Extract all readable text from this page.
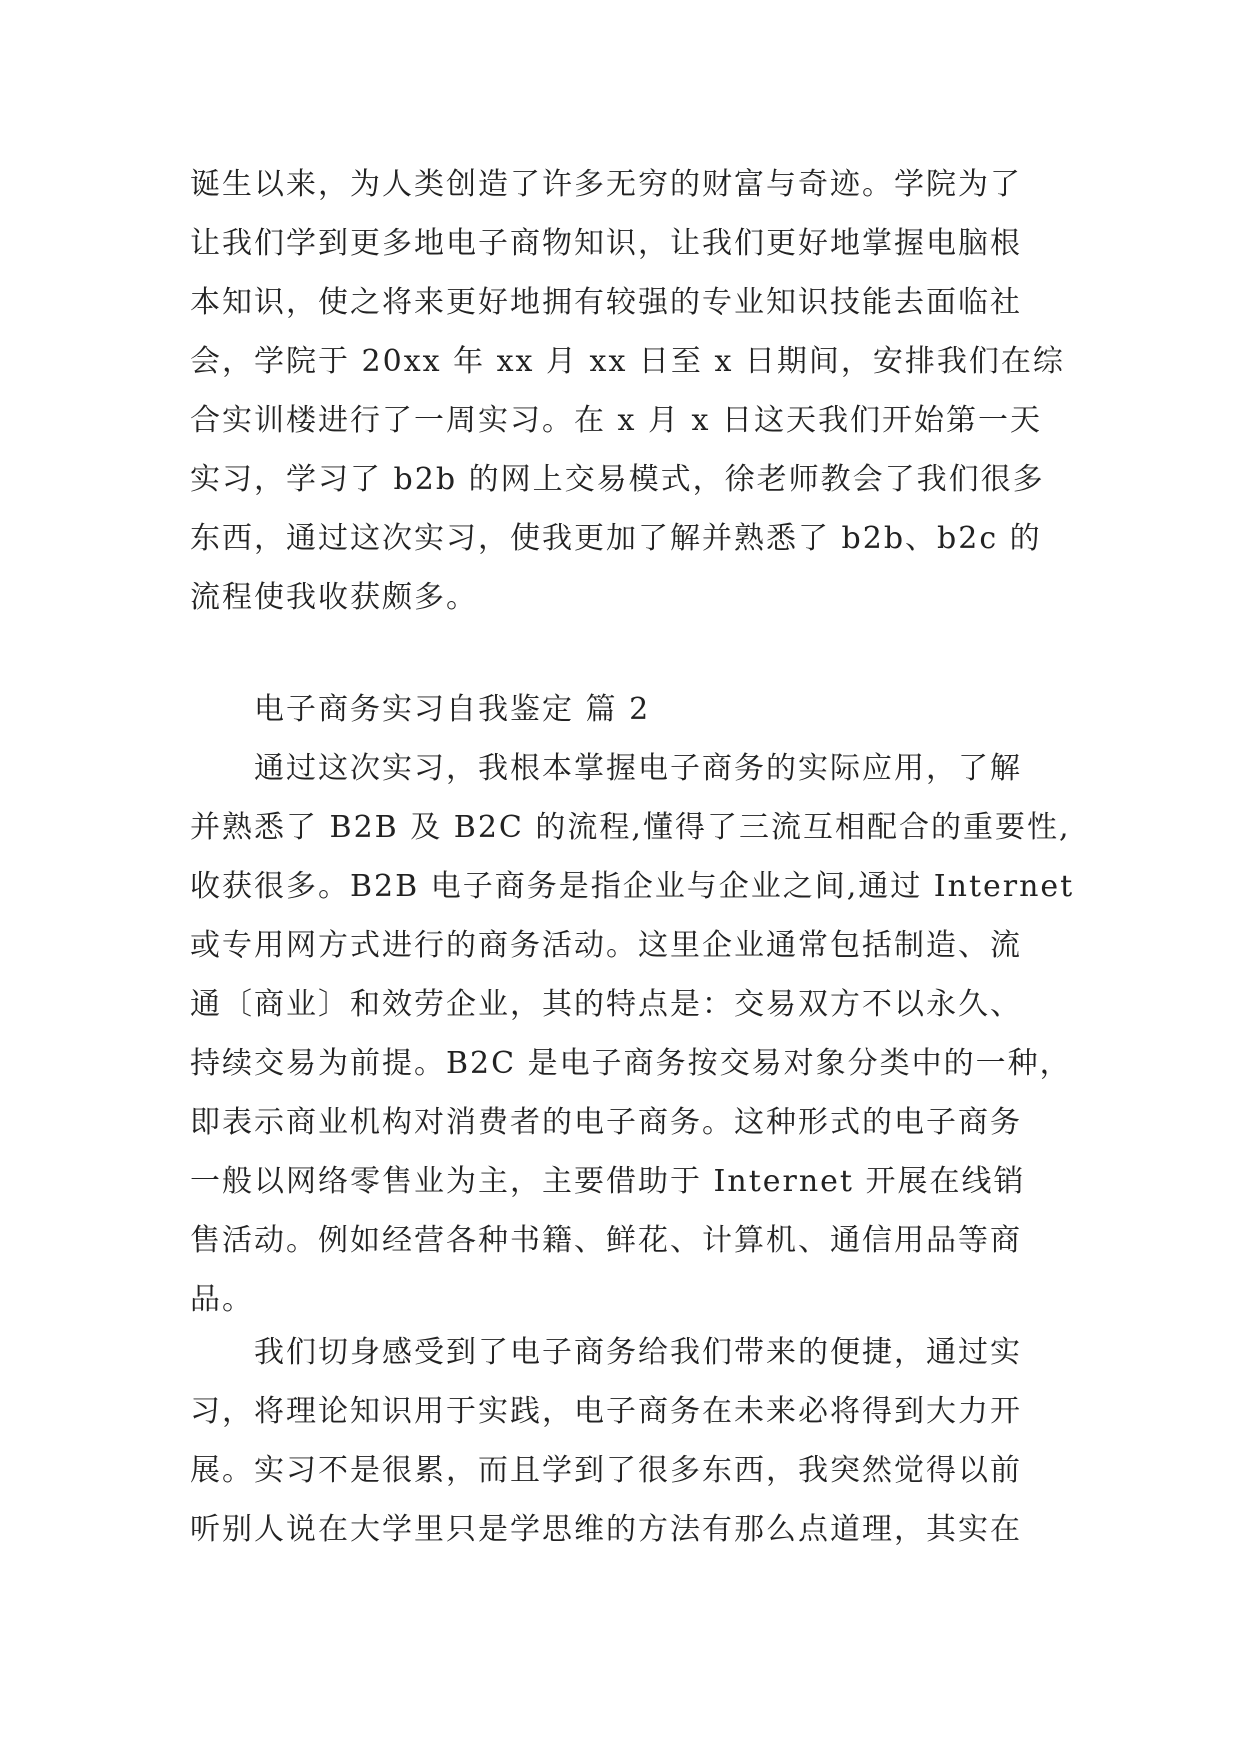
诞生以来，为人类创造了许多无穷的财富与奇迹。学院为了
让我们学到更多地电子商物知识，让我们更好地掌握电脑根
本知识，使之将来更好地拥有较强的专业知识技能去面临社
会，学院于 20xx 年 xx 月 xx 日至 x 日期间，安排我们在综
合实训楼进行了一周实习。在 x 月 x 日这天我们开始第一天
实习，学习了 b2b 的网上交易模式，徐老师教会了我们很多
东西，通过这次实习，使我更加了解并熟悉了 b2b、b2c 的
流程使我收获颇多。
电子商务实习自我鉴定 篇 2
通过这次实习，我根本掌握电子商务的实际应用，了解
并熟悉了 B2B 及 B2C 的流程,懂得了三流互相配合的重要性,
收获很多。B2B 电子商务是指企业与企业之间,通过 Internet
或专用网方式进行的商务活动。这里企业通常包括制造、流
通〔商业〕和效劳企业，其的特点是：交易双方不以永久、
持续交易为前提。B2C 是电子商务按交易对象分类中的一种，
即表示商业机构对消费者的电子商务。这种形式的电子商务
一般以网络零售业为主，主要借助于 Internet 开展在线销
售活动。例如经营各种书籍、鲜花、计算机、通信用品等商
品。
我们切身感受到了电子商务给我们带来的便捷，通过实
习，将理论知识用于实践，电子商务在未来必将得到大力开
展。实习不是很累，而且学到了很多东西，我突然觉得以前
听别人说在大学里只是学思维的方法有那么点道理，其实在
